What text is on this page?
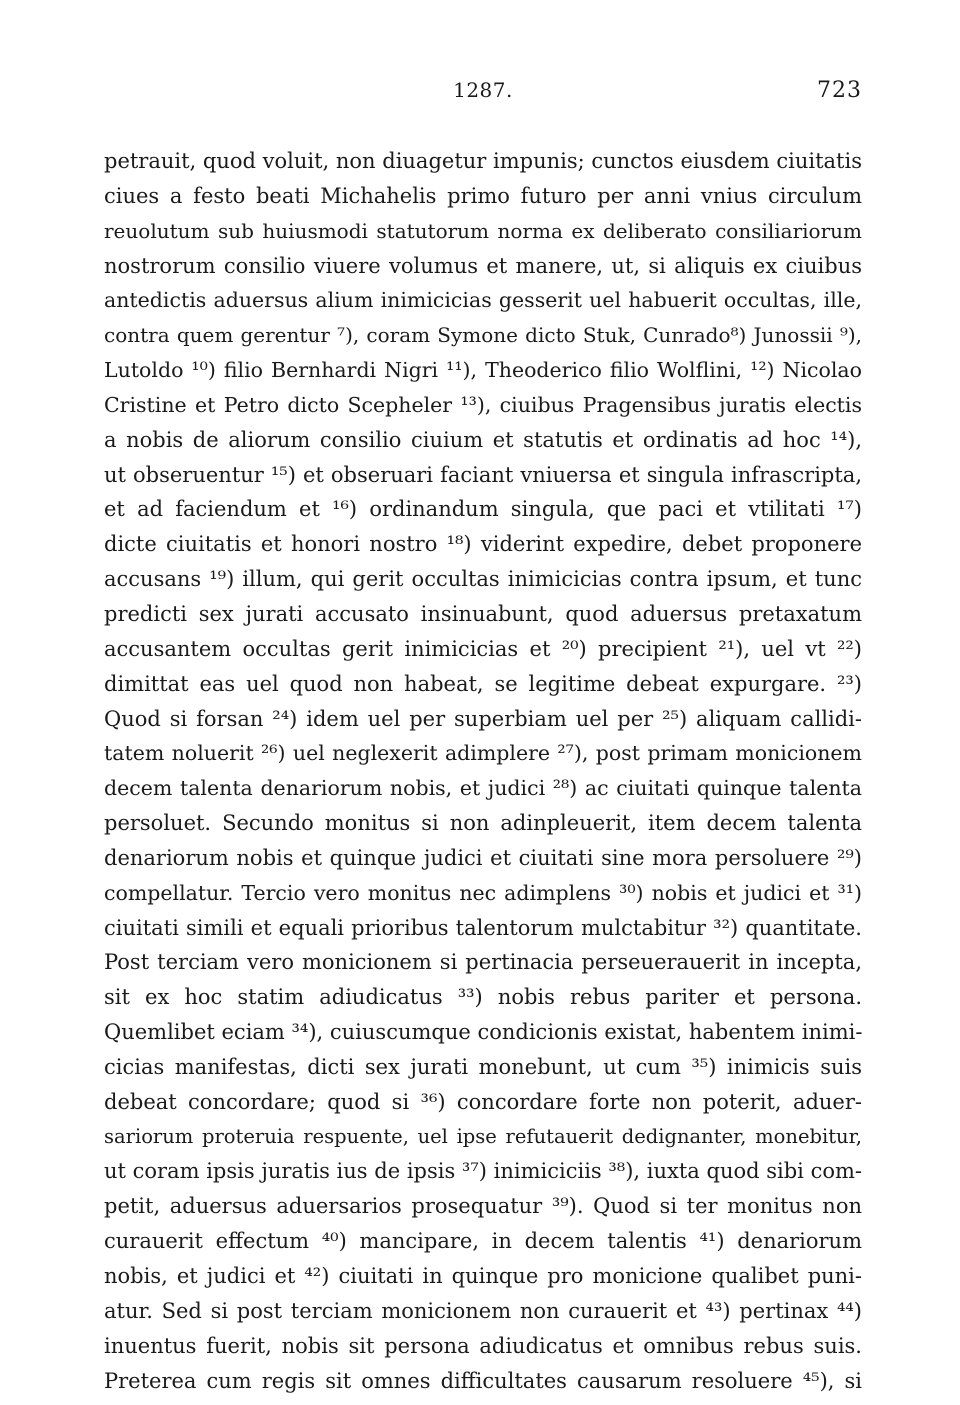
1287.	723
petrauit, quod voluit, non diuagetur impunis; cunctos eiusdem ciuitatis
ciues a festo beati Michahelis primo futuro per anni vnius circulum
reuolutum sub huiusmodi statutorum norma ex deliberato consiliariorum
nostrorum consilio viuere volumus et manere, ut, si aliquis ex ciuibus
antedictis aduersus alium inimicicias gesserit uel habuerit occultas, ille,
contra quem gerentur ⁷), coram Symone dicto Stuk, Cunrado⁸) Junossii ⁹),
Lutoldo ¹⁰) filio Bernhardi Nigri ¹¹), Theoderico filio Wolflini, ¹²) Nicolao
Cristine et Petro dicto Scepheler ¹³), ciuibus Pragensibus juratis electis
a nobis de aliorum consilio ciuium et statutis et ordinatis ad hoc ¹⁴),
ut obseruentur ¹⁵) et obseruari faciant vniuersa et singula infrascripta,
et ad faciendum et ¹⁶) ordinandum singula, que paci et vtilitati ¹⁷)
dicte ciuitatis et honori nostro ¹⁸) viderint expedire, debet proponere
accusans ¹⁹) illum, qui gerit occultas inimicicias contra ipsum, et tunc
predicti sex jurati accusato insinuabunt, quod aduersus pretaxatum
accusantem occultas gerit inimicicias et ²⁰) precipient ²¹), uel vt ²²)
dimittat eas uel quod non habeat, se legitime debeat expurgare. ²³)
Quod si forsan ²⁴) idem uel per superbiam uel per ²⁵) aliquam callidi-
tatem noluerit ²⁶) uel neglexerit adimplere ²⁷), post primam monicionem
decem talenta denariorum nobis, et judici ²⁸) ac ciuitati quinque talenta
persoluet. Secundo monitus si non adinpleuerit, item decem talenta
denariorum nobis et quinque judici et ciuitati sine mora persoluere ²⁹)
compellatur. Tercio vero monitus nec adimplens ³⁰) nobis et judici et ³¹)
ciuitati simili et equali prioribus talentorum mulctabitur ³²) quantitate.
Post terciam vero monicionem si pertinacia perseuerauerit in incepta,
sit ex hoc statim adiudicatus ³³) nobis rebus pariter et persona.
Quemlibet eciam ³⁴), cuiuscumque condicionis existat, habentem inimi-
cicias manifestas, dicti sex jurati monebunt, ut cum ³⁵) inimicis suis
debeat concordare; quod si ³⁶) concordare forte non poterit, aduer-
sariorum proteruia respuente, uel ipse refutauerit dedignanter, monebitur,
ut coram ipsis juratis ius de ipsis ³⁷) inimiciciis ³⁸), iuxta quod sibi com-
petit, aduersus aduersarios prosequatur ³⁹). Quod si ter monitus non
curauerit effectum ⁴⁰) mancipare, in decem talentis ⁴¹) denariorum
nobis, et judici et ⁴²) ciuitati in quinque pro monicione qualibet puni-
atur. Sed si post terciam monicionem non curauerit et ⁴³) pertinax ⁴⁴)
inuentus fuerit, nobis sit persona adiudicatus et omnibus rebus suis.
Preterea cum regis sit omnes difficultates causarum resoluere ⁴⁵), si
